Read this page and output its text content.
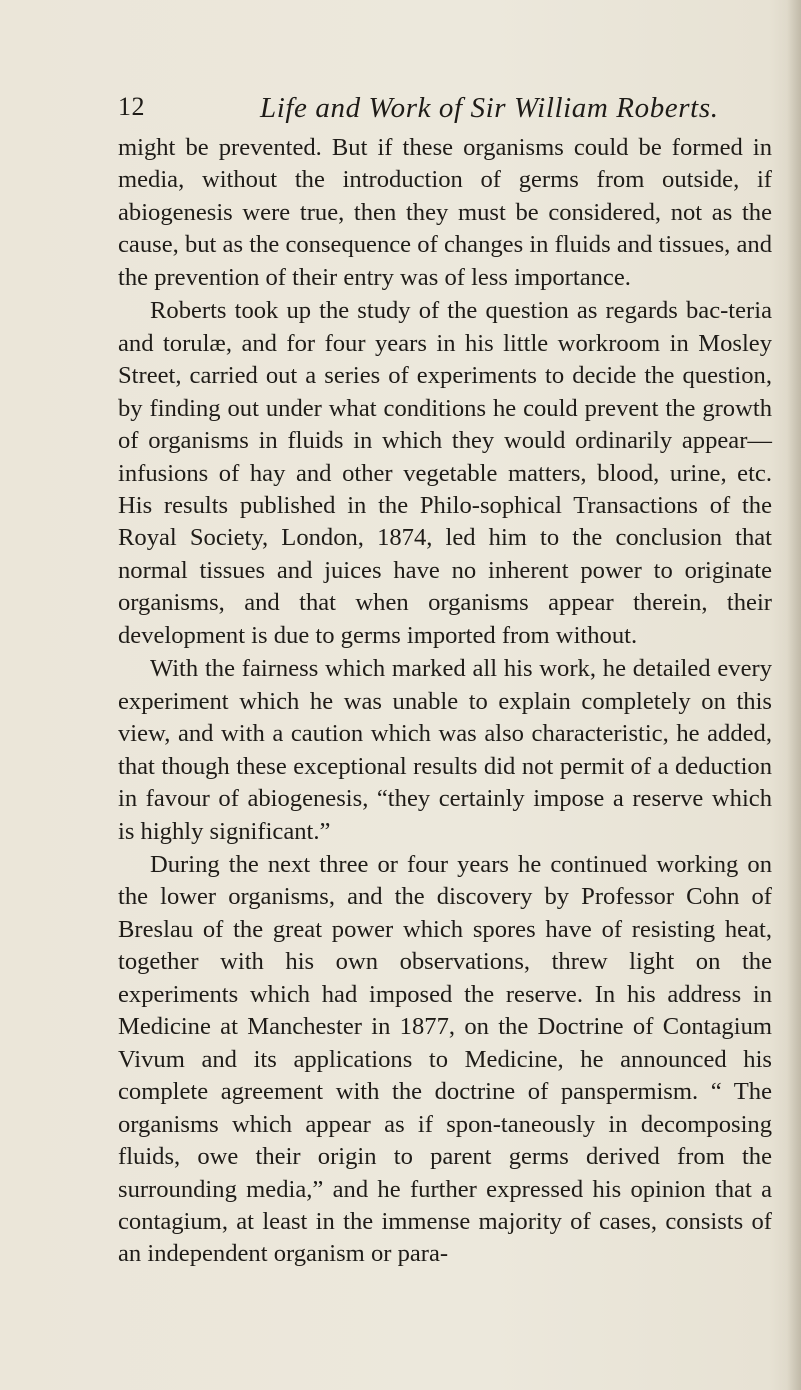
12	Life and Work of Sir William Roberts.

might be prevented. But if these organisms could be formed in media, without the introduction of germs from outside, if abiogenesis were true, then they must be considered, not as the cause, but as the consequence of changes in fluids and tissues, and the prevention of their entry was of less importance.

Roberts took up the study of the question as regards bac-teria and torulæ, and for four years in his little workroom in Mosley Street, carried out a series of experiments to decide the question, by finding out under what conditions he could prevent the growth of organisms in fluids in which they would ordinarily appear—infusions of hay and other vegetable matters, blood, urine, etc. His results published in the Philo-sophical Transactions of the Royal Society, London, 1874, led him to the conclusion that normal tissues and juices have no inherent power to originate organisms, and that when organisms appear therein, their development is due to germs imported from without.

With the fairness which marked all his work, he detailed every experiment which he was unable to explain completely on this view, and with a caution which was also characteristic, he added, that though these exceptional results did not permit of a deduction in favour of abiogenesis, “they certainly impose a reserve which is highly significant.”

During the next three or four years he continued working on the lower organisms, and the discovery by Professor Cohn of Breslau of the great power which spores have of resisting heat, together with his own observations, threw light on the experiments which had imposed the reserve. In his address in Medicine at Manchester in 1877, on the Doctrine of Contagium Vivum and its applications to Medicine, he announced his complete agreement with the doctrine of panspermism. “ The organisms which appear as if spon-taneously in decomposing fluids, owe their origin to parent germs derived from the surrounding media,” and he further expressed his opinion that a contagium, at least in the immense majority of cases, consists of an independent organism or para-
